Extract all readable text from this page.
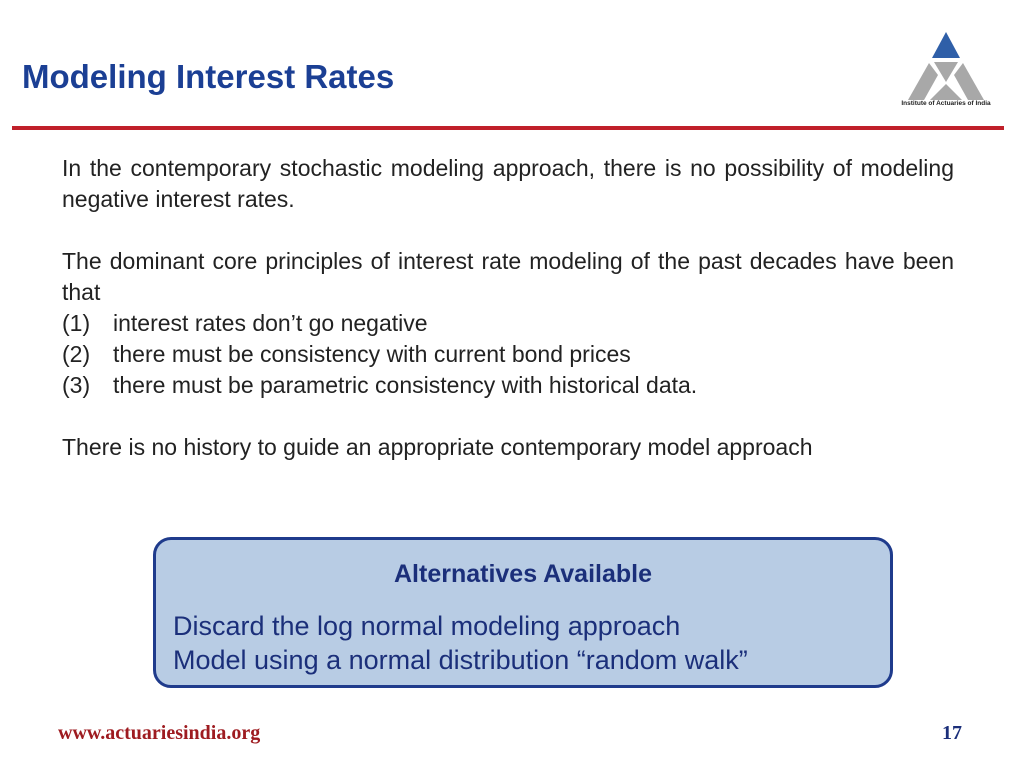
Modeling Interest Rates
Institute of Actuaries of India
In the contemporary stochastic modeling approach, there is no possibility of modeling negative interest rates.
The dominant core principles of interest rate modeling of the past decades have been that
(1) interest rates don’t go negative
(2) there must be consistency with current bond prices
(3) there must be parametric consistency with historical data.
There is no history to guide an appropriate contemporary model approach
Alternatives Available
Discard the log normal modeling approach
Model using a normal distribution “random walk”
www.actuariesindia.org	17
